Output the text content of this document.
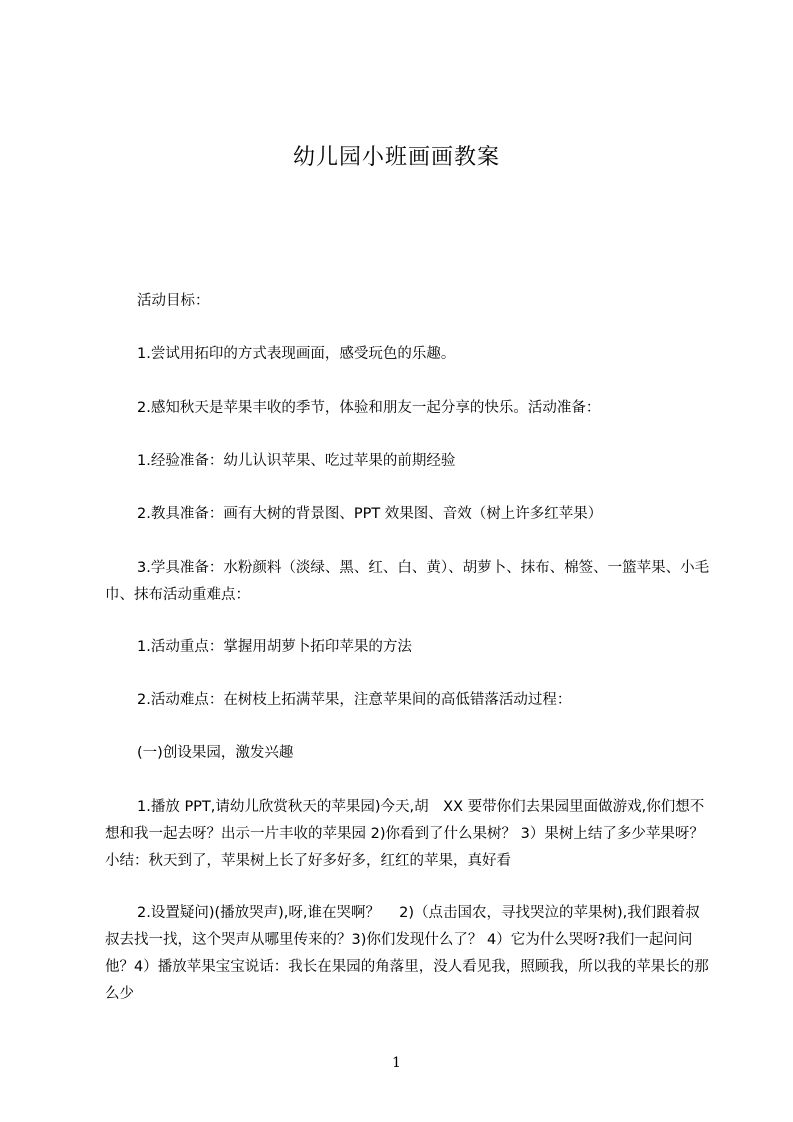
幼儿园小班画画教案
活动目标：
1.尝试用拓印的方式表现画面，感受玩色的乐趣。
2.感知秋天是苹果丰收的季节，体验和朋友一起分享的快乐。活动准备：
1.经验准备：幼儿认识苹果、吃过苹果的前期经验
2.教具准备：画有大树的背景图、PPT 效果图、音效（树上许多红苹果）
3.学具准备：水粉颜料（淡绿、黑、红、白、黄）、胡萝卜、抹布、棉签、一篮苹果、小毛巾、抹布活动重难点：
1.活动重点：掌握用胡萝卜拓印苹果的方法
2.活动难点：在树枝上拓满苹果，注意苹果间的高低错落活动过程：
(一)创设果园，激发兴趣
1.播放 PPT,请幼儿欣赏秋天的苹果园)今天,胡　XX 要带你们去果园里面做游戏,你们想不想和我一起去呀？出示一片丰收的苹果园 2)你看到了什么果树？ 3）果树上结了多少苹果呀？小结：秋天到了，苹果树上长了好多好多，红红的苹果，真好看
2.设置疑问)(播放哭声),呀,谁在哭啊？　 2)（点击国农，寻找哭泣的苹果树),我们跟着叔叔去找一找，这个哭声从哪里传来的？3)你们发现什么了？ 4）它为什么哭呀?我们一起问问他？4）播放苹果宝宝说话：我长在果园的角落里，没人看见我，照顾我，所以我的苹果长的那么少
1
